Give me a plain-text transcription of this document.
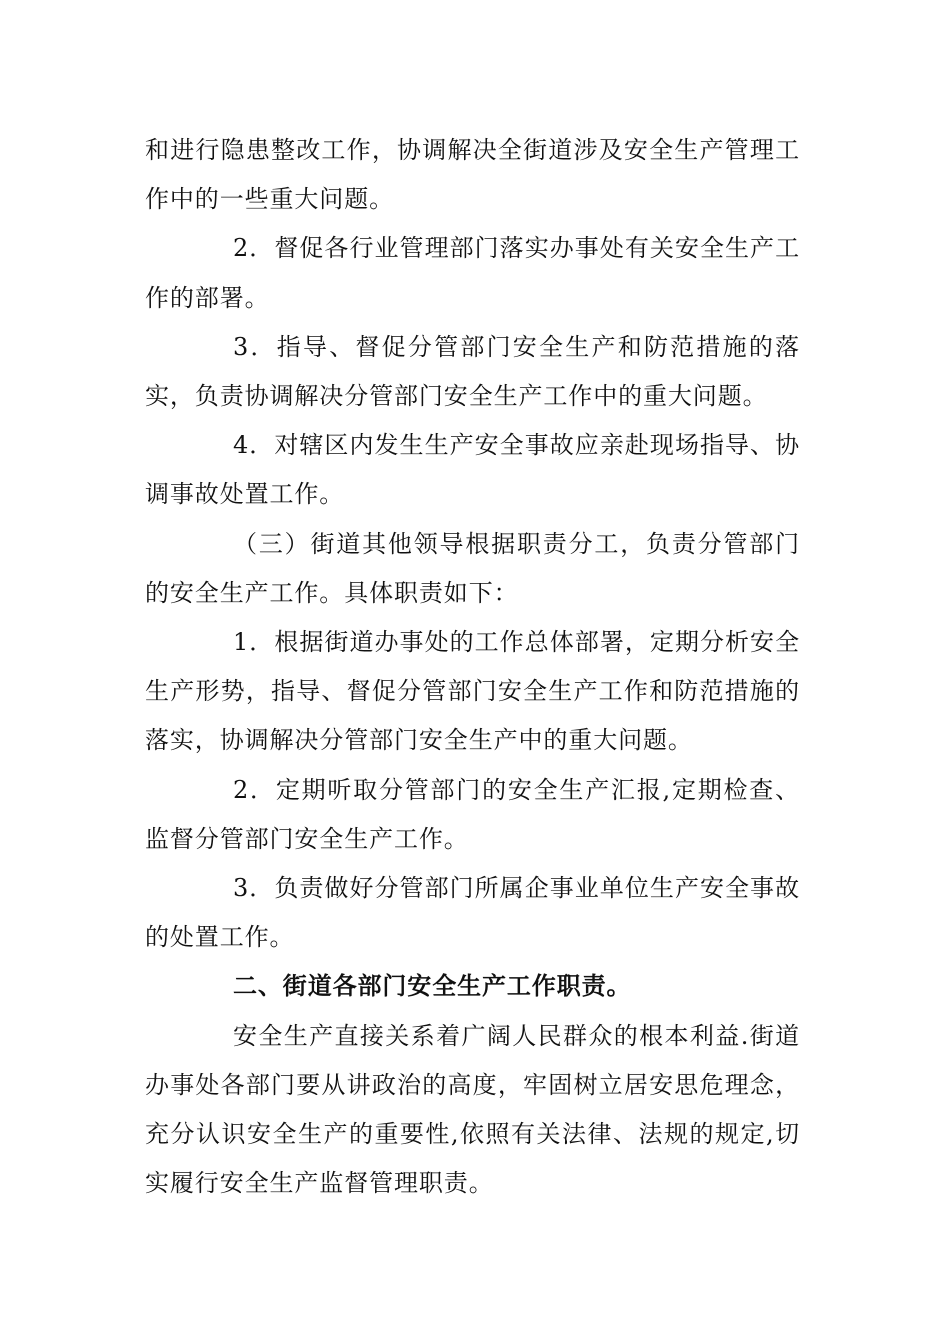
和进行隐患整改工作，协调解决全街道涉及安全生产管理工作中的一些重大问题。

2．督促各行业管理部门落实办事处有关安全生产工作的部署。

3．指导、督促分管部门安全生产和防范措施的落实，负责协调解决分管部门安全生产工作中的重大问题。

4．对辖区内发生生产安全事故应亲赴现场指导、协调事故处置工作。

（三）街道其他领导根据职责分工，负责分管部门的安全生产工作。具体职责如下：

1．根据街道办事处的工作总体部署，定期分析安全生产形势，指导、督促分管部门安全生产工作和防范措施的落实，协调解决分管部门安全生产中的重大问题。

2．定期听取分管部门的安全生产汇报,定期检查、监督分管部门安全生产工作。

3．负责做好分管部门所属企事业单位生产安全事故的处置工作。

二、街道各部门安全生产工作职责。

安全生产直接关系着广阔人民群众的根本利益.街道办事处各部门要从讲政治的高度，牢固树立居安思危理念，充分认识安全生产的重要性,依照有关法律、法规的规定,切实履行安全生产监督管理职责。
